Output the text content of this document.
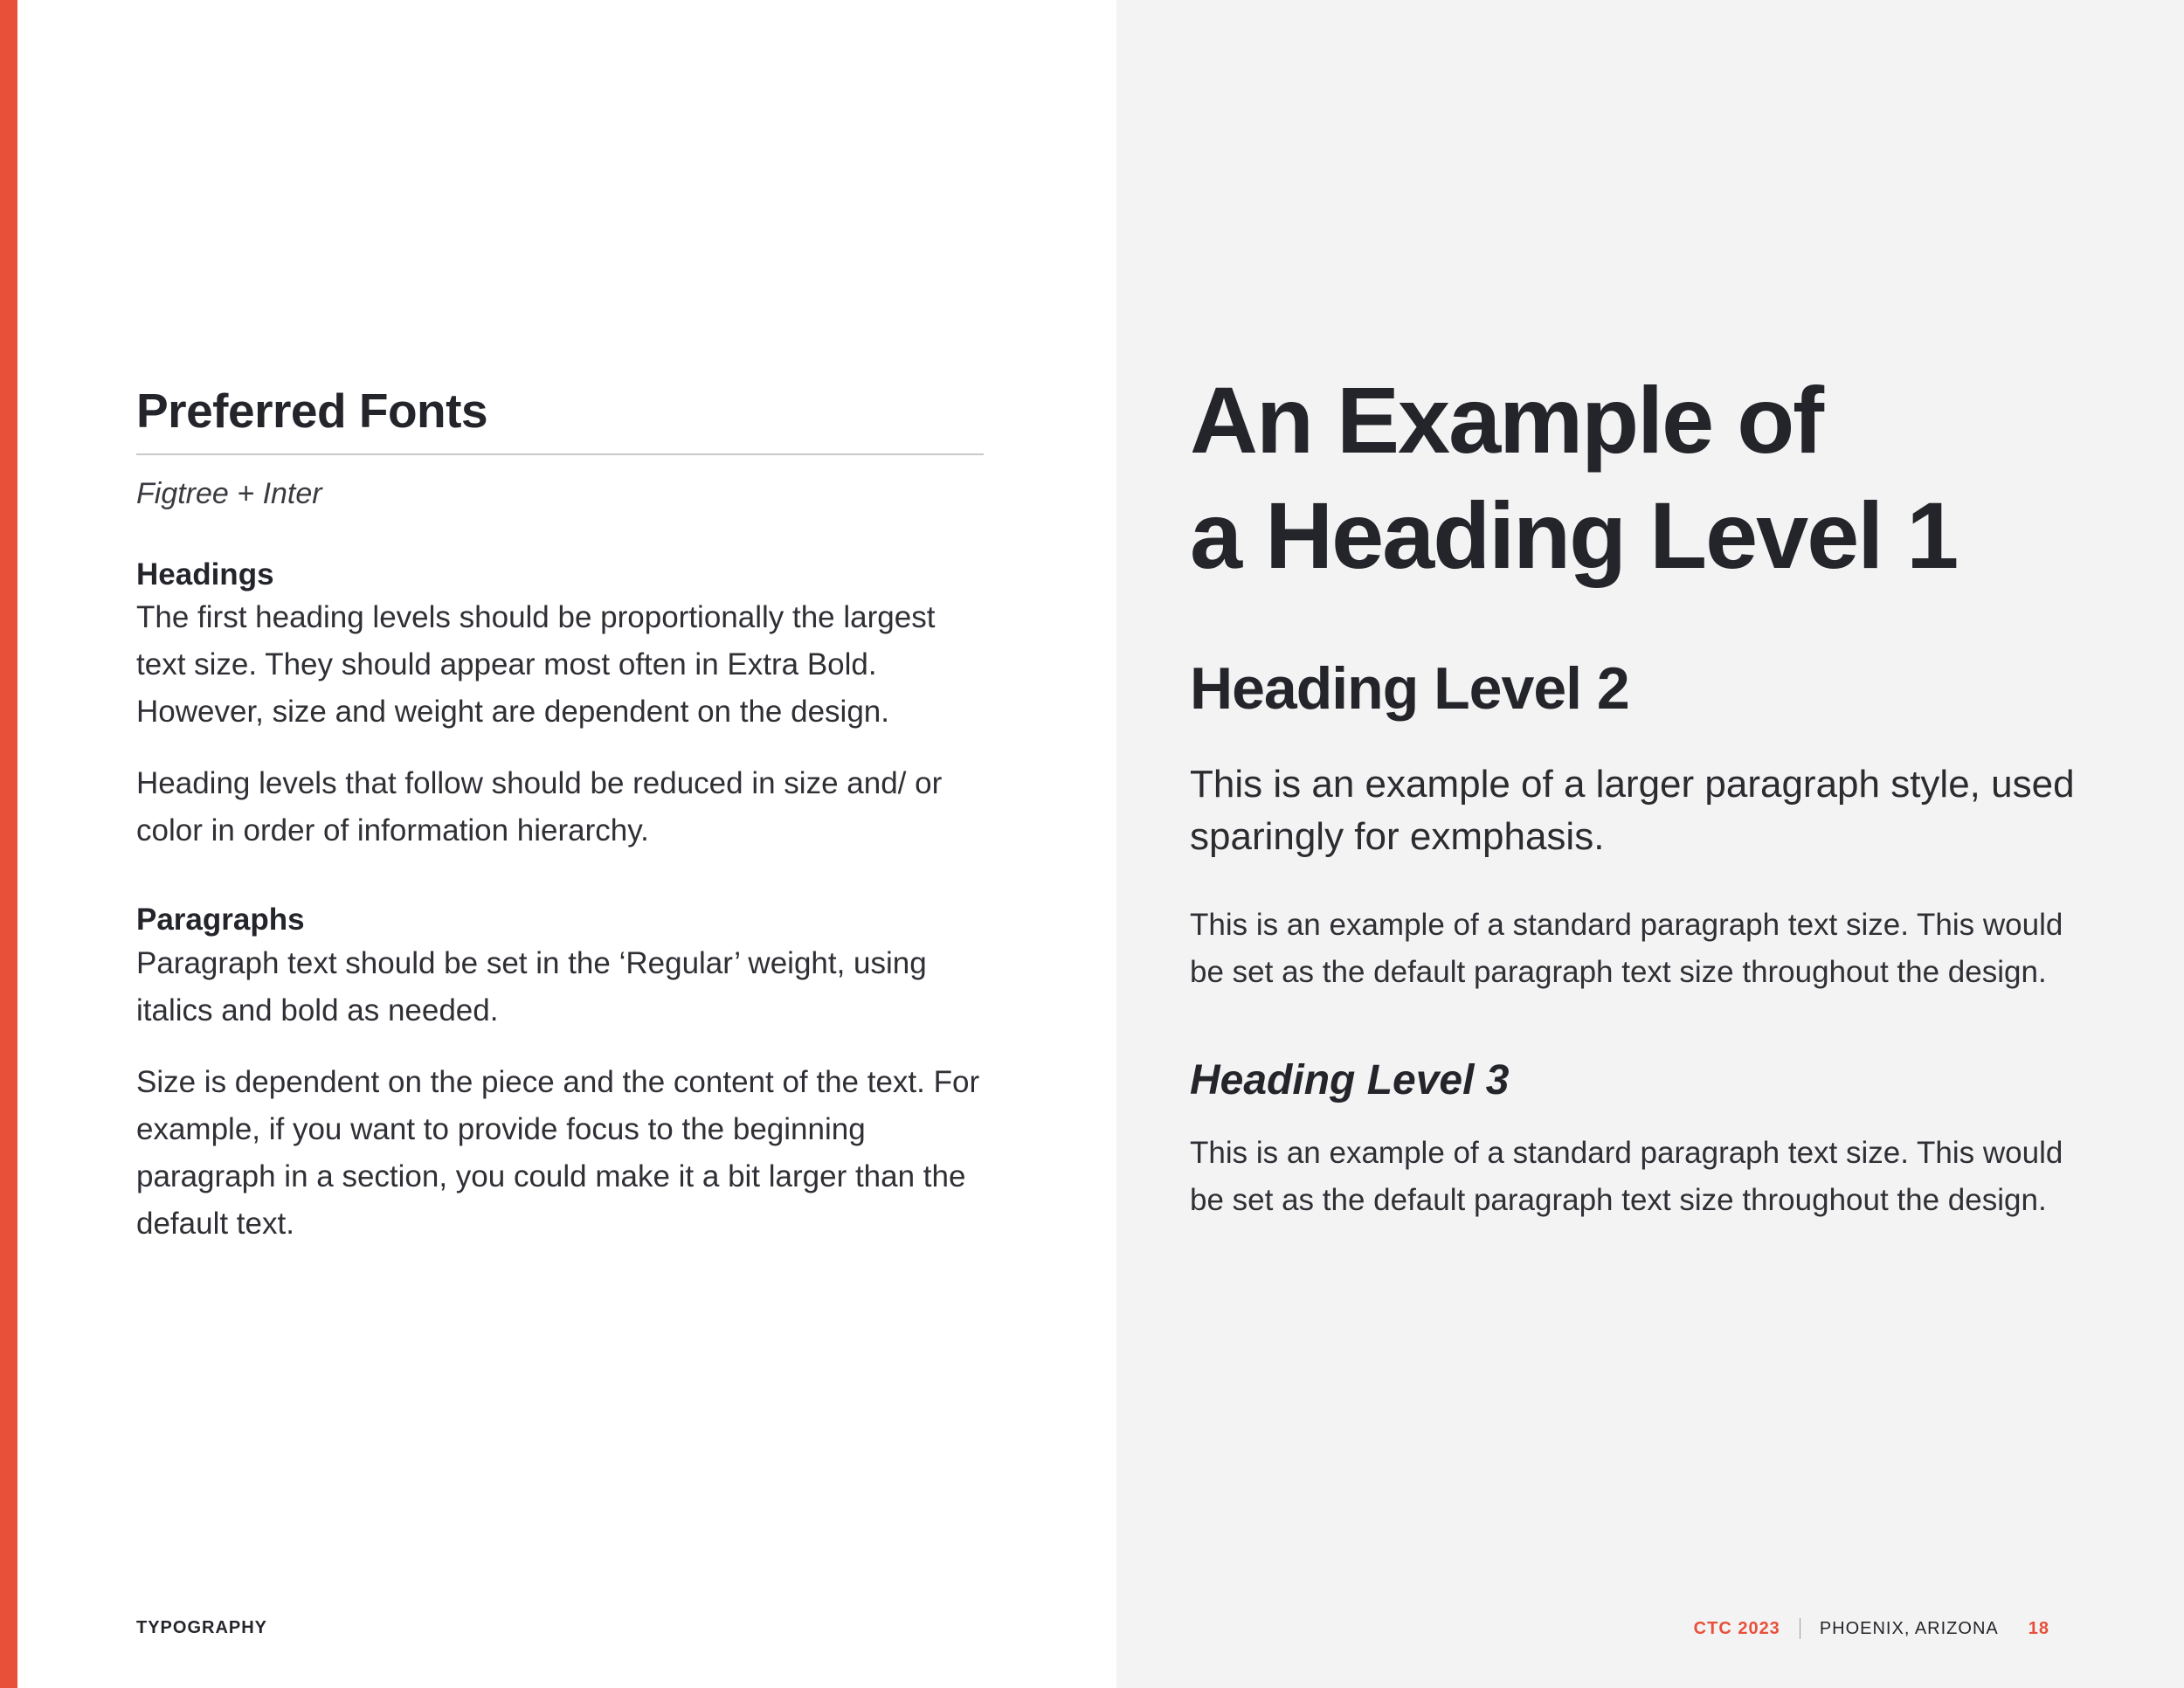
Preferred Fonts

Figtree + Inter

Headings

The first heading levels should be proportionally the largest text size. They should appear most often in Extra Bold. However, size and weight are dependent on the design.

Heading levels that follow should be reduced in size and/ or color in order of information hierarchy.

Paragraphs

Paragraph text should be set in the ‘Regular’ weight, using italics and bold as needed.

Size is dependent on the piece and the content of the text. For example, if you want to provide focus to the beginning paragraph in a section, you could make it a bit larger than the default text.

An Example of
a Heading Level 1
Heading Level 2

This is an example of a larger paragraph style, used sparingly for exmphasis.

This is an example of a standard paragraph text size. This would be set as the default paragraph text size throughout the design.

Heading Level 3

This is an example of a standard paragraph text size. This would be set as the default paragraph text size throughout the design.

TYPOGRAPHY	CTC 2023 PHOENIX, ARIZONA 18
